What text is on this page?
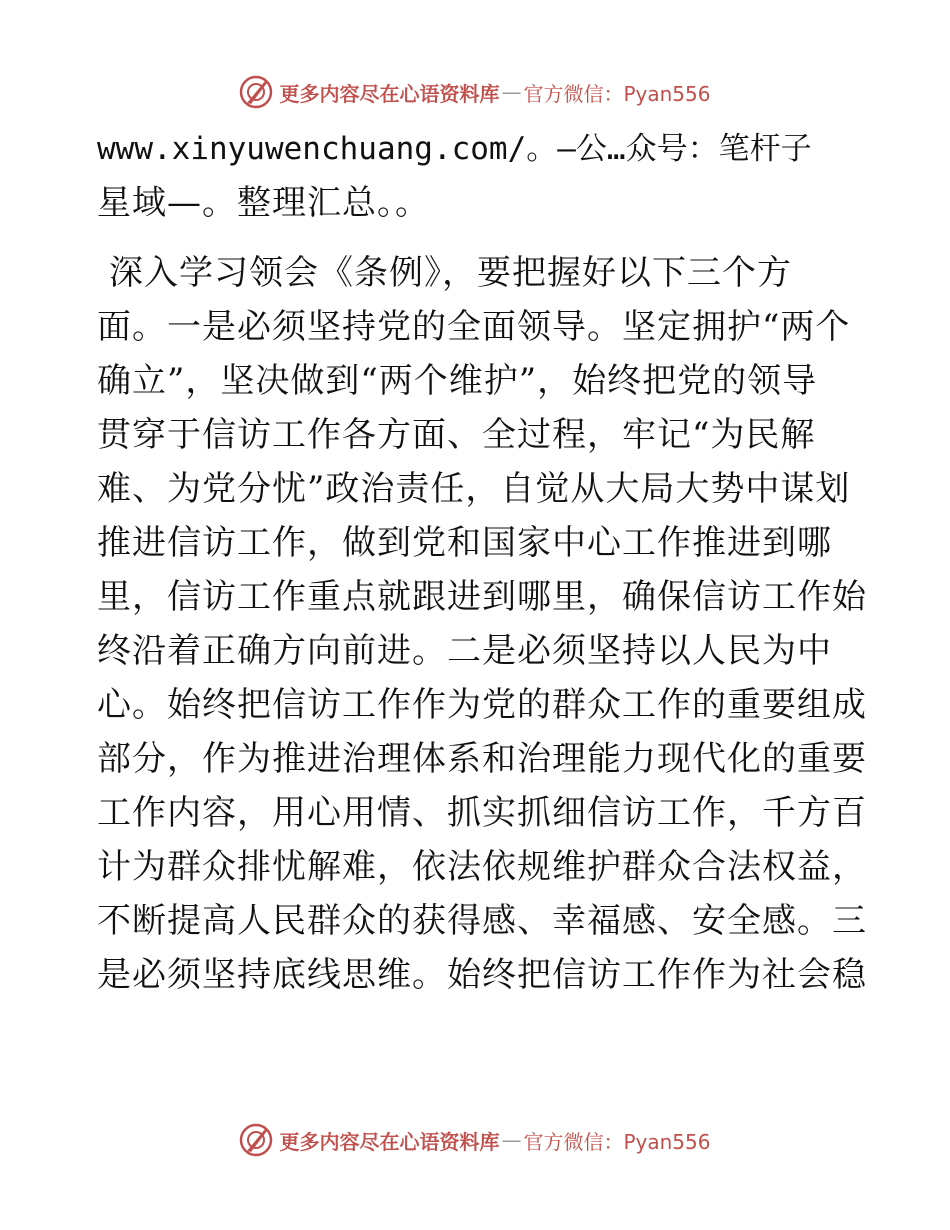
更多内容尽在心语资料库 — 官方微信：Pyan556
www.xinyuwenchuang.com/。—公…众号：笔杆子
星域—。整理汇总。。
深入学习领会《条例》，要把握好以下三个方
面。一是必须坚持党的全面领导。坚定拥护“两个
确立”，坚决做到“两个维护”，始终把党的领导
贯穿于信访工作各方面、全过程，牢记“为民解
难、为党分忧”政治责任，自觉从大局大势中谋划
推进信访工作，做到党和国家中心工作推进到哪
里，信访工作重点就跟进到哪里，确保信访工作始
终沿着正确方向前进。二是必须坚持以人民为中
心。始终把信访工作作为党的群众工作的重要组成
部分，作为推进治理体系和治理能力现代化的重要
工作内容，用心用情、抓实抓细信访工作，千方百
计为群众排忧解难，依法依规维护群众合法权益，
不断提高人民群众的获得感、幸福感、安全感。三
是必须坚持底线思维。始终把信访工作作为社会稳
更多内容尽在心语资料库 — 官方微信：Pyan556
